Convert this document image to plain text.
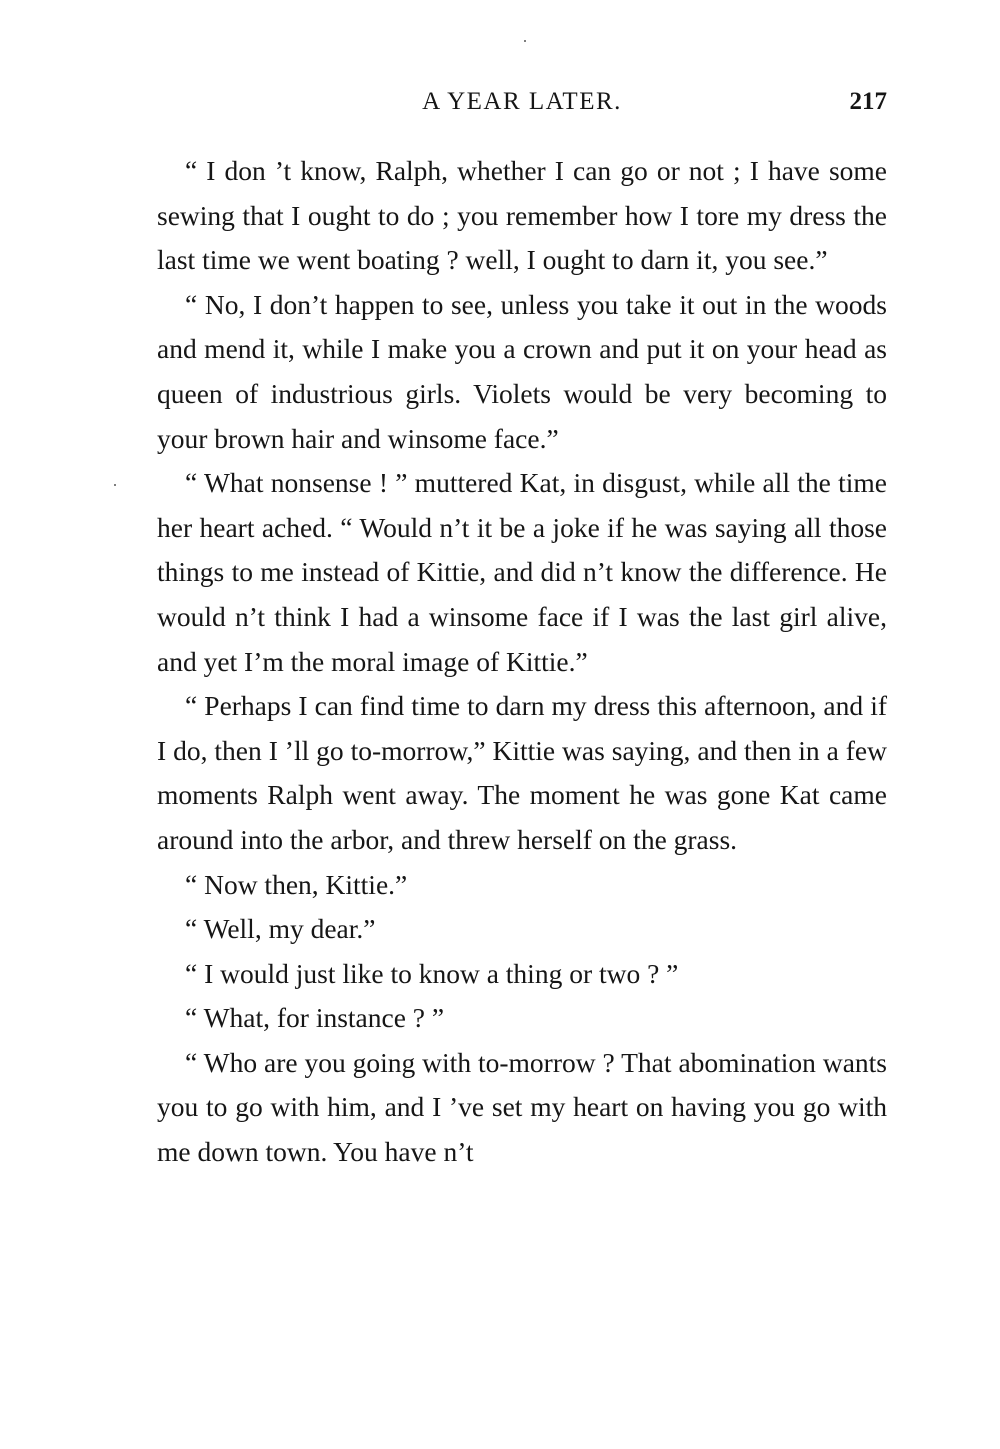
A YEAR LATER.	217

“ I don ’t know, Ralph, whether I can go or not ; I have some sewing that I ought to do ; you remember how I tore my dress the last time we went boating ? well, I ought to darn it, you see.”

“ No, I don’t happen to see, unless you take it out in the woods and mend it, while I make you a crown and put it on your head as queen of industrious girls. Violets would be very becoming to your brown hair and winsome face.”

“ What nonsense ! ” muttered Kat, in disgust, while all the time her heart ached. “ Would n’t it be a joke if he was saying all those things to me instead of Kittie, and did n’t know the difference. He would n’t think I had a winsome face if I was the last girl alive, and yet I’m the moral image of Kittie.”

“ Perhaps I can find time to darn my dress this afternoon, and if I do, then I ’ll go to-morrow,” Kittie was saying, and then in a few moments Ralph went away. The moment he was gone Kat came around into the arbor, and threw herself on the grass.

“ Now then, Kittie.”

“ Well, my dear.”

“ I would just like to know a thing or two ? ”

“ What, for instance ? ”

“ Who are you going with to-morrow ? That abomination wants you to go with him, and I ’ve set my heart on having you go with me down town. You have n’t
